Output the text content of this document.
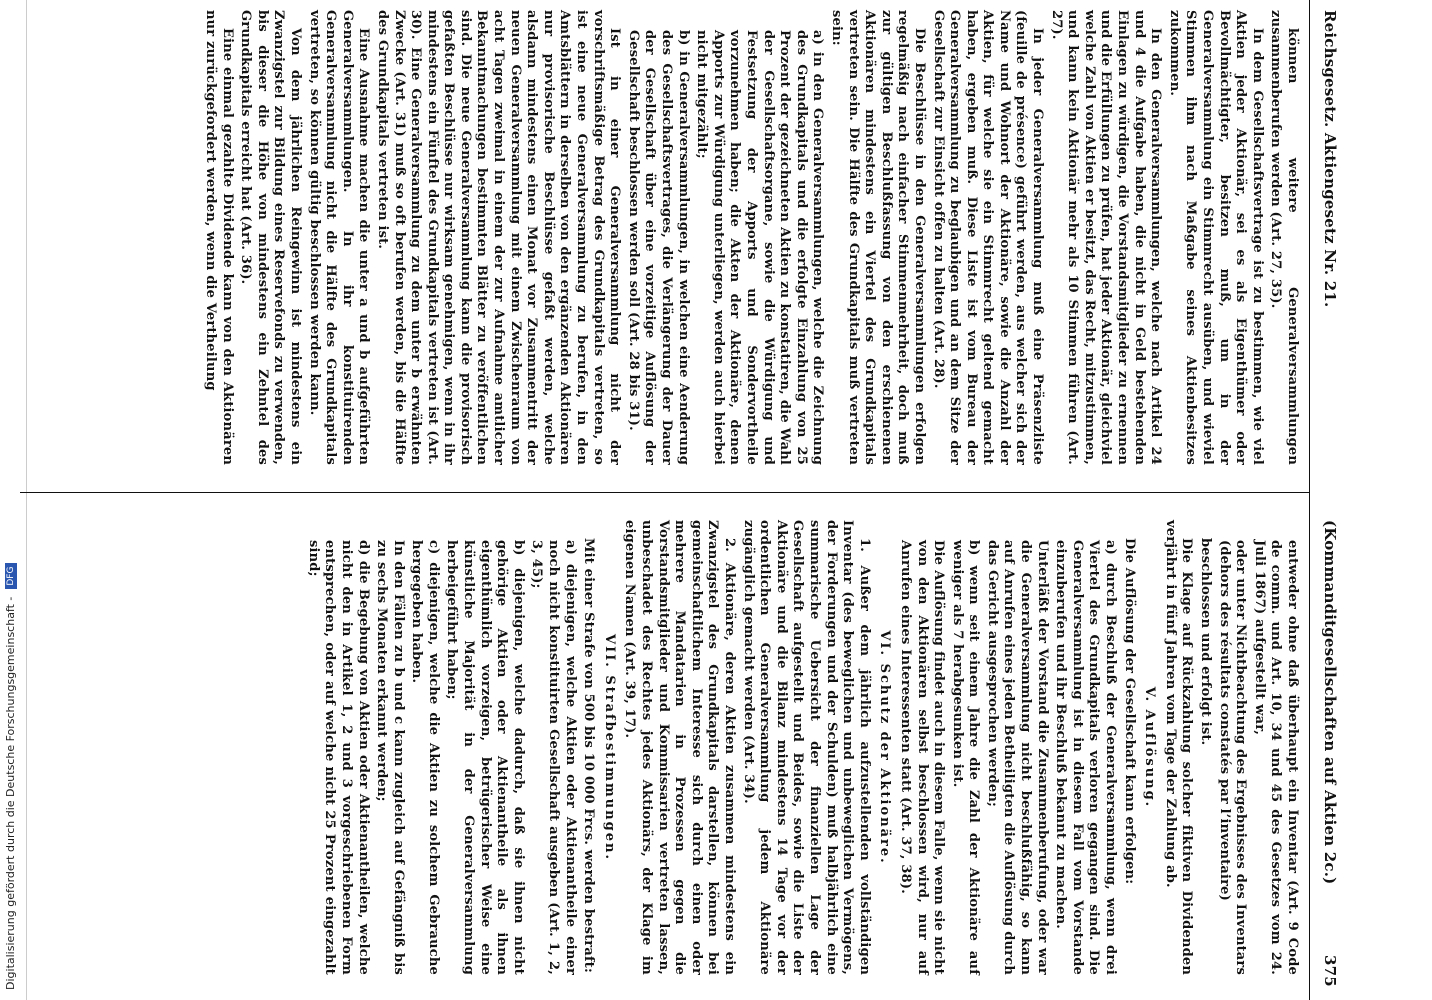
Digitalisierung gefördert durch die Deutsche Forschungsgemeinschaft - DFG
Reichsgesetz. Aktiengesetz Nr. 21.
(Kommanditgesellschaften auf Aktien 2c.)
375

können weitere Generalversammlungen zusammenberufen werden (Art. 27, 35).

In dem Gesellschaftsvertrage ist zu bestimmen, wie viel Aktien jeder Aktionär, sei es als Eigenthümer oder Bevollmächtigter, besitzen muß, um in der Generalversammlung ein Stimmrecht ausüben, und wieviel Stimmen ihm nach Maßgabe seines Aktienbesitzes zukommen.

In den Generalversammlungen, welche nach Artikel 24 und 4 die Aufgabe haben, die nicht in Geld bestehenden Einlagen zu würdigen, die Vorstandsmitglieder zu ernennen und die Erfüllungen zu prüfen, hat jeder Aktionär, gleichviel welche Zahl von Aktien er besitzt, das Recht, mitzustimmen, und kann kein Aktionär mehr als 10 Stimmen führen (Art. 27).

In jeder Generalversammlung muß eine Präsenzliste (feuille de présence) geführt werden, aus welcher sich der Name und Wohnort der Aktionäre, sowie die Anzahl der Aktien, für welche sie ein Stimmrecht geltend gemacht haben, ergeben muß. Diese Liste ist vom Bureau der Generalversammlung zu beglaubigen und an dem Sitze der Gesellschaft zur Einsicht offen zu halten (Art. 28).

Die Beschlüsse in den Generalversammlungen erfolgen regelmäßig nach einfacher Stimmenmehrheit, doch muß zur gültigen Beschlußfassung von den erschienenen Aktionären mindestens ein Viertel des Grundkapitals vertreten sein. Die Hälfte des Grundkapitals muß vertreten sein:

a) in den Generalversammlungen, welche die Zeichnung des Grundkapitals und die erfolgte Einzahlung von 25 Prozent der gezeichneten Aktien zu konstatiren, die Wahl der Gesellschaftsorgane, sowie die Würdigung und Festsetzung der Apports und Sondervortheile vorzunehmen haben; die Akten der Aktionäre, denen Apports zur Würdigung unterliegen, werden auch hierbei nicht mitgezählt;

b) in Generalversammlungen, in welchen eine Aenderung des Gesellschaftsvertrages, die Verlängerung der Dauer der Gesellschaft über eine vorzeitige Auflösung der Gesellschaft beschlossen werden soll (Art. 28 bis 31).

Ist in einer Generalversammlung nicht der vorschriftsmäßige Betrag des Grundkapitals vertreten, so ist eine neue Generalversammlung zu berufen, in den Amtsblättern in derselben von den ergänzenden Aktionären nur provisorische Beschlüsse gefaßt werden, welche alsdann mindestens einen Monat vor Zusammentritt der neuen Generalversammlung mit einem Zwischenraum von acht Tagen zweimal in einem der zur Aufnahme amtlicher Bekanntmachungen bestimmten Blätter zu veröffentlichen sind. Die neue Generalversammlung kann die provisorisch gefaßten Beschlüsse nur wirksam genehmigen, wenn in ihr mindestens ein Fünftel des Grundkapitals vertreten ist (Art. 30). Eine Generalversammlung zu dem unter b erwähnten Zwecke (Art. 31) muß so oft berufen werden, bis die Hälfte des Grundkapitals vertreten ist.

Eine Ausnahme machen die unter a und b aufgeführten Generalversammlungen. In ihr konstituirenden Generalversammlung nicht die Hälfte des Grundkapitals vertreten, so können gültig beschlossen werden kann.

Von dem jährlichen Reingewinn ist mindestens ein Zwanzigstel zur Bildung eines Reservefonds zu verwenden, bis dieser die Höhe von mindestens ein Zehntel des Grundkapitals erreicht hat (Art. 36).

Eine einmal gezahlte Dividende kann von den Aktionären nur zurückgefordert werden, wenn die Vertheilung

entweder ohne daß überhaupt ein Inventar (Art. 9 Code de comm. und Art. 10, 34 und 45 des Gesetzes vom 24. Juli 1867) aufgestellt war,

oder unter Nichtbeachtung des Ergebnisses des Inventars (dehors des résultats constatés par l’inventaire)

beschlossen und erfolgt ist.

Die Klage auf Rückzahlung solcher fiktiven Dividenden verjährt in fünf Jahren vom Tage der Zahlung ab.

V. Auflösung.

Die Auflösung der Gesellschaft kann erfolgen:

a) durch Beschluß der Generalversammlung, wenn drei Viertel des Grundkapitals verloren gegangen sind. Die Generalversammlung ist in diesem Fall vom Vorstande einzuberufen und ihr Beschluß bekannt zu machen.

Unterläßt der Vorstand die Zusammenberufung, oder war die Generalversammlung nicht beschlußfähig, so kann auf Anrufen eines jeden Betheiligten die Auflösung durch das Gericht ausgesprochen werden;

b) wenn seit einem Jahre die Zahl der Aktionäre auf weniger als 7 herabgesunken ist.

Die Auflösung findet auch in diesem Falle, wenn sie nicht von den Aktionären selbst beschlossen wird, nur auf Anrufen eines Interessenten statt (Art. 37, 38).

VI. Schutz der Aktionäre.

1. Außer dem jährlich aufzustellenden vollständigen Inventar (des beweglichen und unbeweglichen Vermögens, der Forderungen und der Schulden) muß halbjährlich eine summarische Uebersicht der finanziellen Lage der Gesellschaft aufgestellt und Beides, sowie die Liste der Aktionäre und die Bilanz mindestens 14 Tage vor der ordentlichen Generalversammlung jedem Aktionäre zugänglich gemacht werden (Art. 34).

2. Aktionäre, deren Aktien zusammen mindestens ein Zwanzigstel des Grundkapitals darstellen, können bei gemeinschaftlichem Interesse sich durch einen oder mehrere Mandatarien in Prozessen gegen die Vorstandsmitglieder und Kommissarien vertreten lassen, unbeschadet des Rechtes jedes Aktionärs, der Klage im eigenen Namen (Art. 39, 17).

VII. Strafbestimmungen.

Mit einer Strafe von 500 bis 10 000 Frcs. werden bestraft:

a) diejenigen, welche Aktien oder Aktienantheile einer noch nicht konstituirten Gesellschaft ausgeben (Art. 1, 2, 3, 45);

b) diejenigen, welche dadurch, daß sie ihnen nicht gehörige Aktien oder Aktienantheile als ihnen eigenthümlich vorzeigen, betrügerischer Weise eine künstliche Majorität in der Generalversammlung herbeigeführt haben;

c) diejenigen, welche die Aktien zu solchem Gebrauche hergegeben haben.

In den Fällen zu b und c kann zugleich auf Gefängniß bis zu sechs Monaten erkannt werden;

d) die Begebung von Aktien oder Aktienantheilen, welche nicht den in Artikel 1, 2 und 3 vorgeschriebenen Form entsprechen, oder auf welche nicht 25 Prozent eingezahlt sind;
